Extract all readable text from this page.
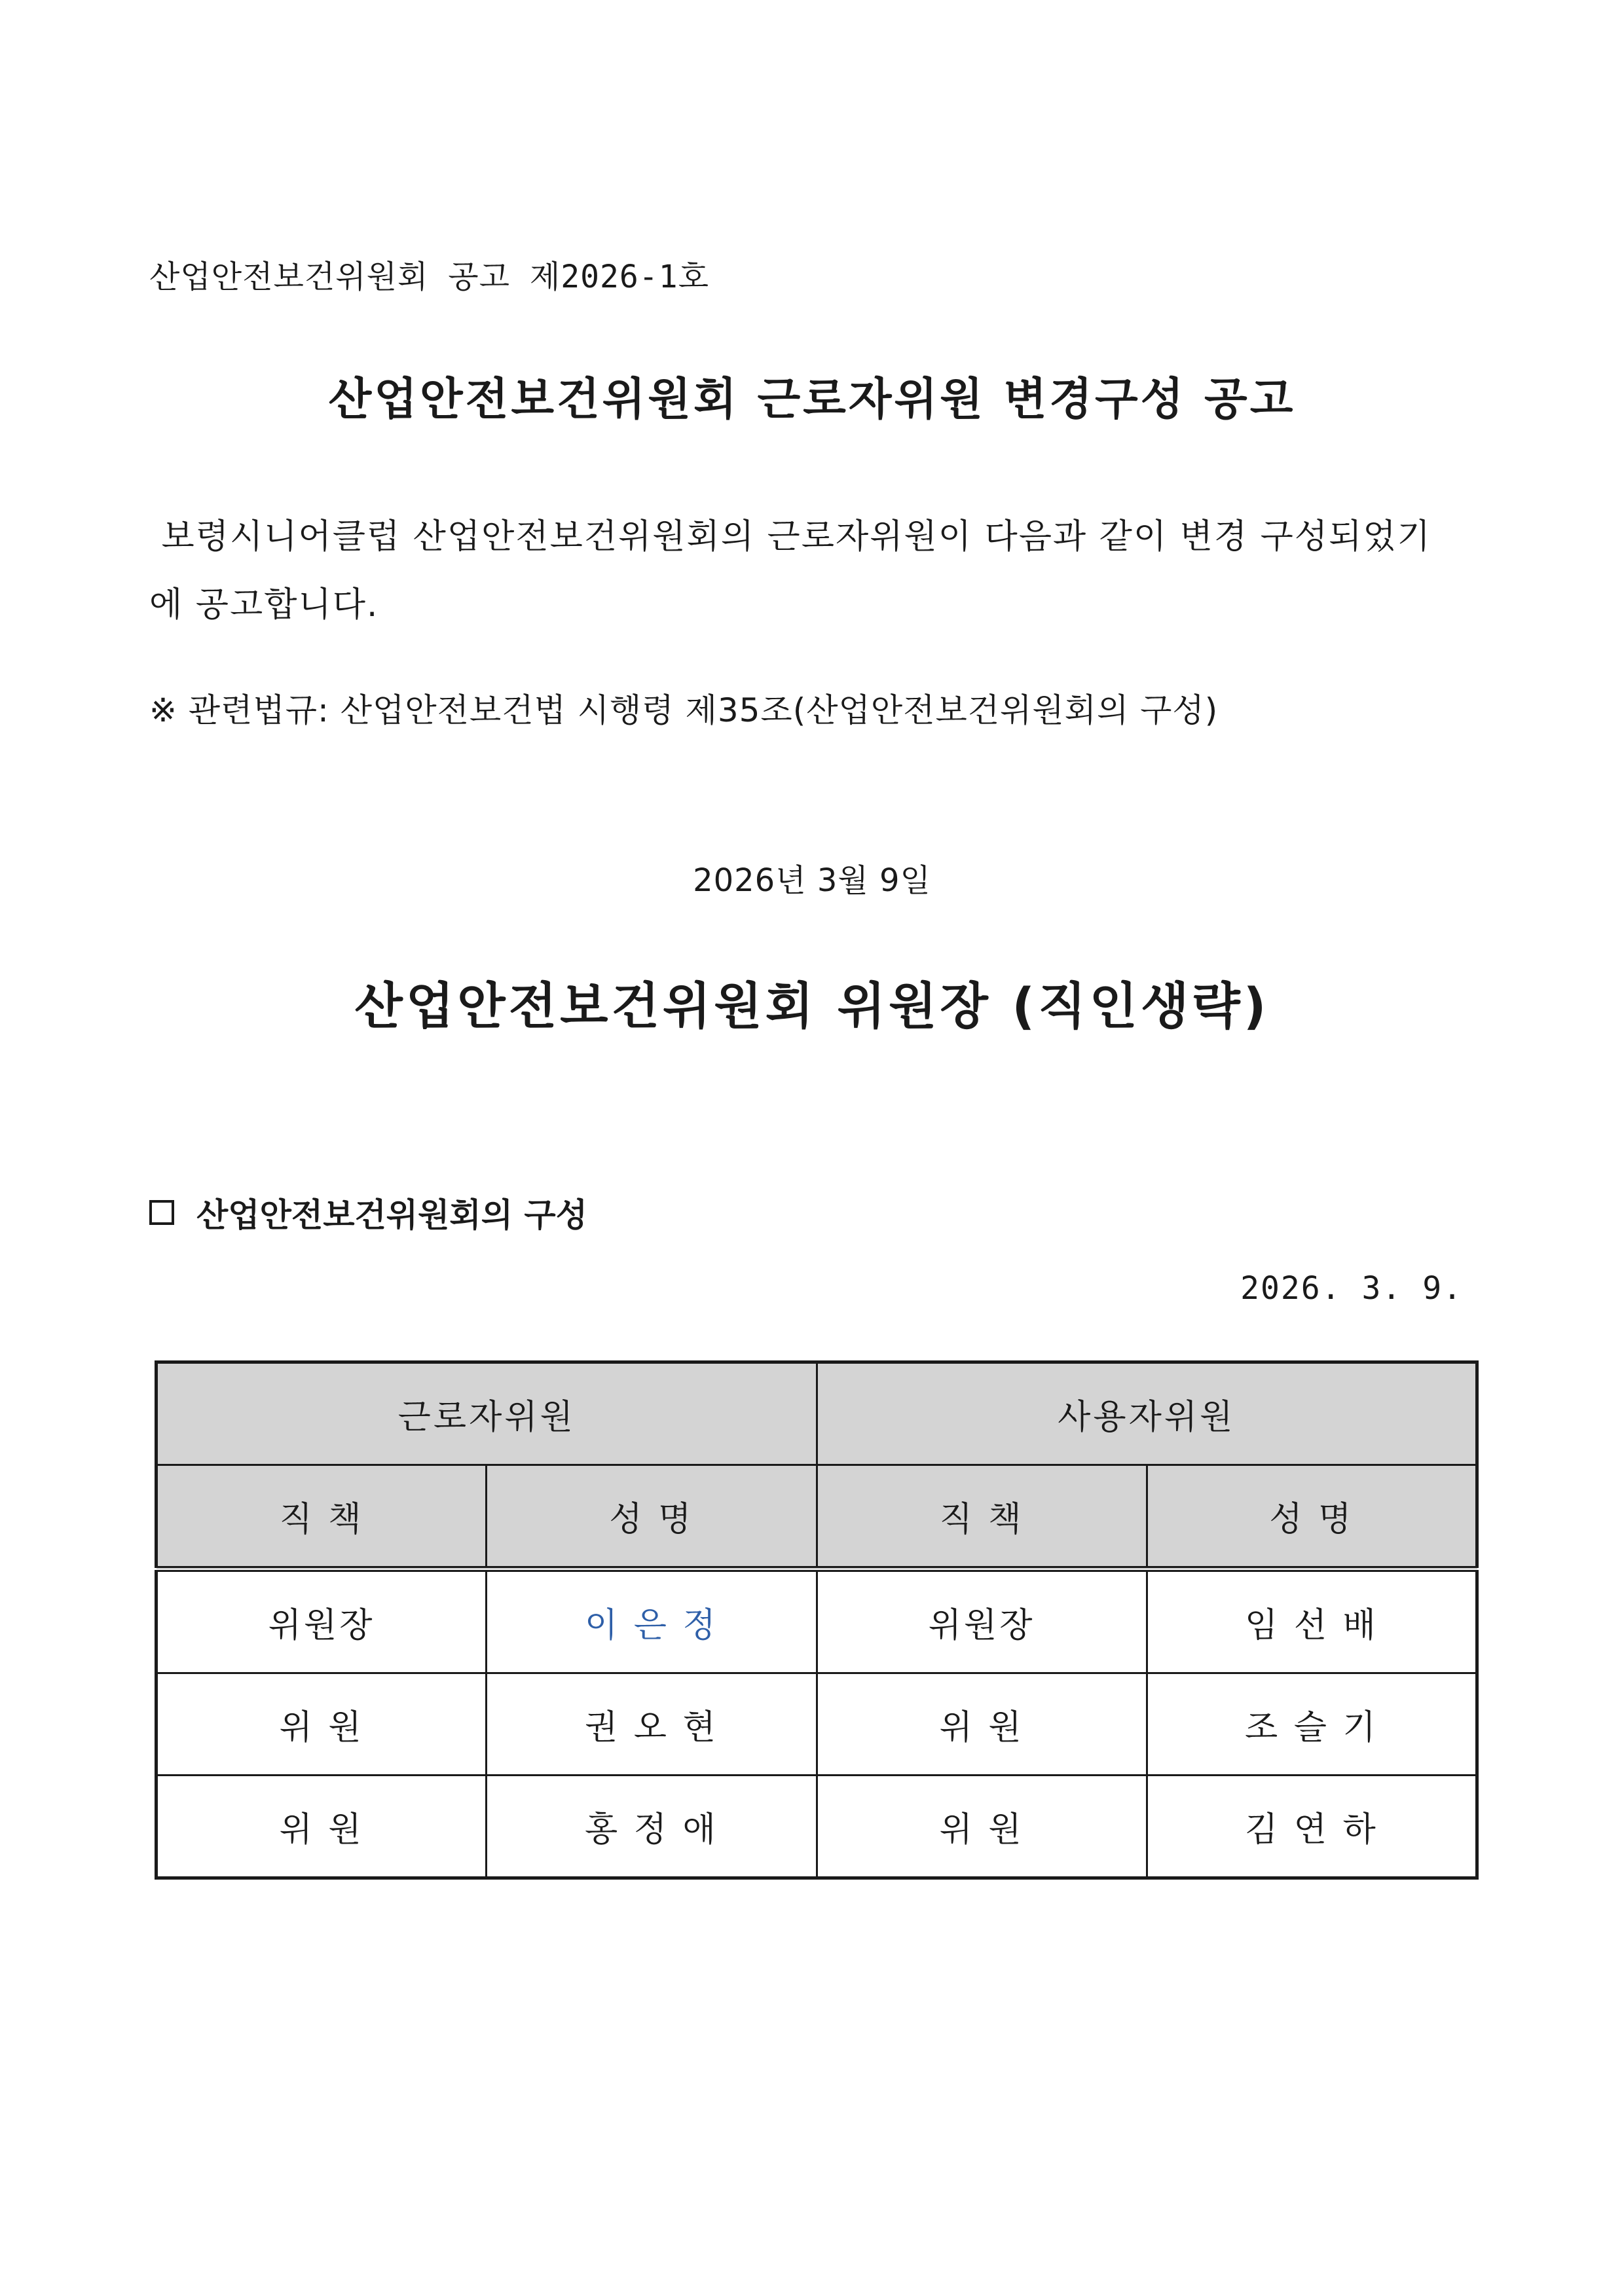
산업안전보건위원회 공고 제2026-1호
산업안전보건위원회 근로자위원 변경구성 공고
보령시니어클럽 산업안전보건위원회의 근로자위원이 다음과 같이 변경 구성되었기에 공고합니다.
※ 관련법규: 산업안전보건법 시행령 제35조(산업안전보건위원회의 구성)
2026년 3월 9일
산업안전보건위원회 위원장 (직인생략)
산업안전보건위원회의 구성
2026. 3. 9.
근로자위원		사용자위원	
직 책	성 명	직 책	성 명
위원장	이 은 정	위원장	임 선 배
위 원	권 오 현	위 원	조 슬 기
위 원	홍 정 애	위 원	김 연 하
